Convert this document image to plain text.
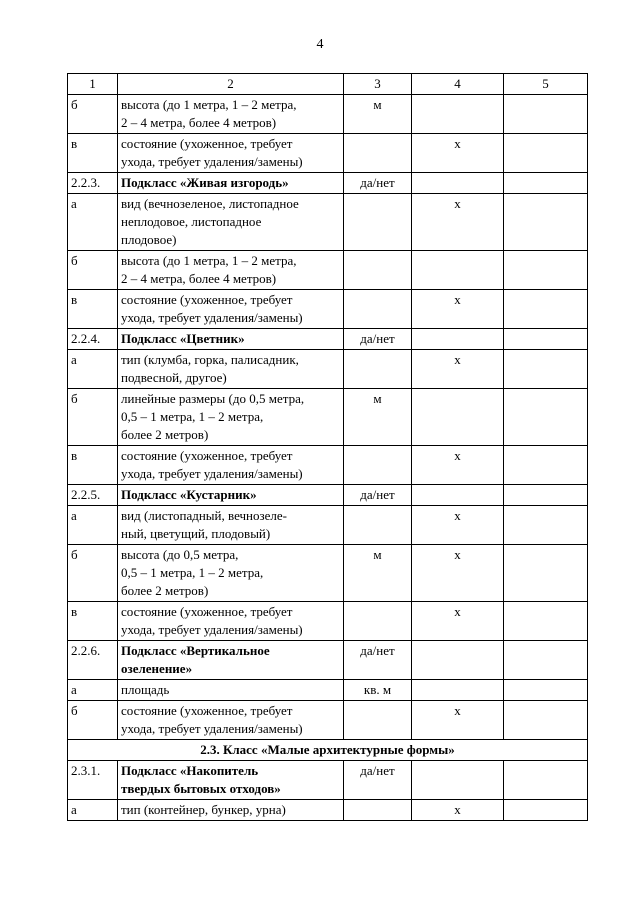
4
1	2	3	4	5
б	высота (до 1 метра, 1 – 2 метра,
2 – 4 метра, более 4 метров)	м		
в	состояние (ухоженное, требует
ухода, требует удаления/замены)		х	
2.2.3.	Подкласс «Живая изгородь»	да/нет		
а	вид (вечнозеленое, листопадное
неплодовое, листопадное
плодовое)		х	
б	высота (до 1 метра, 1 – 2 метра,
2 – 4 метра, более 4 метров)			
в	состояние (ухоженное, требует
ухода, требует удаления/замены)		х	
2.2.4.	Подкласс «Цветник»	да/нет		
а	тип (клумба, горка, палисадник,
подвесной, другое)		х	
б	линейные размеры (до 0,5 метра,
0,5 – 1 метра, 1 – 2 метра,
более 2 метров)	м		
в	состояние (ухоженное, требует
ухода, требует удаления/замены)		х	
2.2.5.	Подкласс «Кустарник»	да/нет		
а	вид (листопадный, вечнозеле-
ный, цветущий, плодовый)		х	
б	высота (до 0,5 метра,
0,5 – 1 метра, 1 – 2 метра,
более 2 метров)	м	х	
в	состояние (ухоженное, требует
ухода, требует удаления/замены)		х	
2.2.6.	Подкласс «Вертикальное
озеленение»	да/нет		
а	площадь	кв. м		
б	состояние (ухоженное, требует
ухода, требует удаления/замены)		х	
2.3. Класс «Малые архитектурные формы»				
2.3.1.	Подкласс «Накопитель
твердых бытовых отходов»	да/нет		
а	тип (контейнер, бункер, урна)		х	
